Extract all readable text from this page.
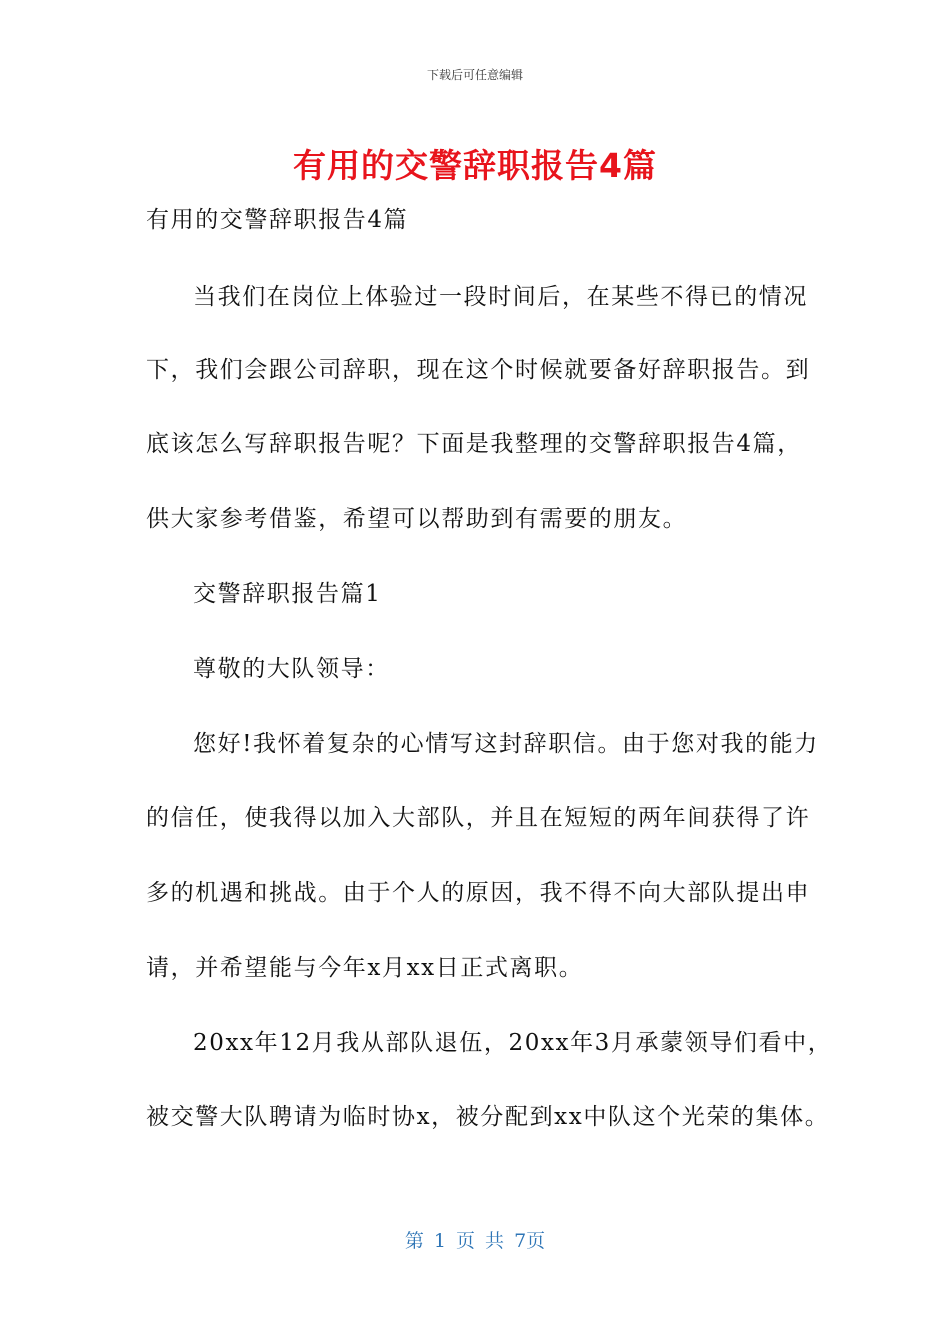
下载后可任意编辑
有用的交警辞职报告4篇
有用的交警辞职报告4篇
当我们在岗位上体验过一段时间后，在某些不得已的情况
下，我们会跟公司辞职，现在这个时候就要备好辞职报告。到
底该怎么写辞职报告呢？下面是我整理的交警辞职报告4篇，
供大家参考借鉴，希望可以帮助到有需要的朋友。
交警辞职报告篇1
尊敬的大队领导：
您好!我怀着复杂的心情写这封辞职信。由于您对我的能力
的信任，使我得以加入大部队，并且在短短的两年间获得了许
多的机遇和挑战。由于个人的原因，我不得不向大部队提出申
请，并希望能与今年x月xx日正式离职。
20xx年12月我从部队退伍，20xx年3月承蒙领导们看中，
被交警大队聘请为临时协x，被分配到xx中队这个光荣的集体。
第 1 页 共 7页
